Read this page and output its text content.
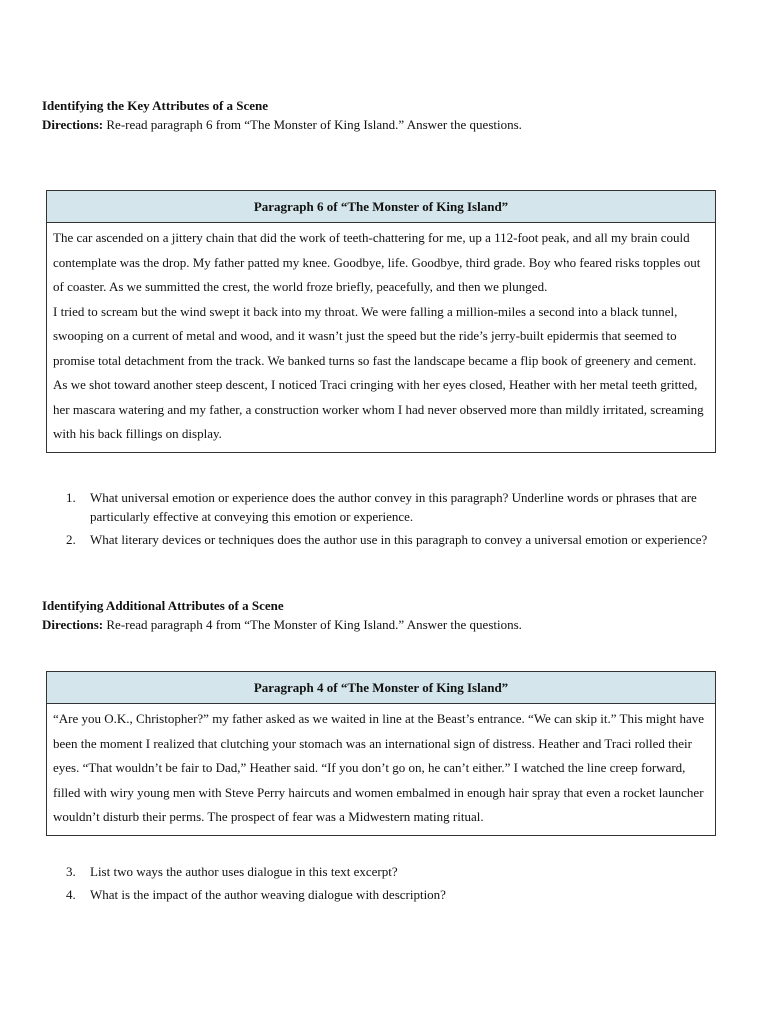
Identifying the Key Attributes of a Scene

Directions: Re-read paragraph 6 from “The Monster of King Island.” Answer the questions.

Paragraph 6 of “The Monster of King Island”

The car ascended on a jittery chain that did the work of teeth-chattering for me, up a 112-foot peak, and all my brain could contemplate was the drop. My father patted my knee. Goodbye, life. Goodbye, third grade. Boy who feared risks topples out of coaster. As we summitted the crest, the world froze briefly, peacefully, and then we plunged.

I tried to scream but the wind swept it back into my throat. We were falling a million-miles a second into a black tunnel, swooping on a current of metal and wood, and it wasn’t just the speed but the ride’s jerry-built epidermis that seemed to promise total detachment from the track. We banked turns so fast the landscape became a flip book of greenery and cement. As we shot toward another steep descent, I noticed Traci cringing with her eyes closed, Heather with her metal teeth gritted, her mascara watering and my father, a construction worker whom I had never observed more than mildly irritated, screaming with his back fillings on display.

1. What universal emotion or experience does the author convey in this paragraph? Underline words or phrases that are particularly effective at conveying this emotion or experience.
2. What literary devices or techniques does the author use in this paragraph to convey a universal emotion or experience?

Identifying Additional Attributes of a Scene

Directions: Re-read paragraph 4 from “The Monster of King Island.” Answer the questions.

Paragraph 4 of “The Monster of King Island”

“Are you O.K., Christopher?” my father asked as we waited in line at the Beast’s entrance. “We can skip it.” This might have been the moment I realized that clutching your stomach was an international sign of distress. Heather and Traci rolled their eyes. “That wouldn’t be fair to Dad,” Heather said. “If you don’t go on, he can’t either.” I watched the line creep forward, filled with wiry young men with Steve Perry haircuts and women embalmed in enough hair spray that even a rocket launcher wouldn’t disturb their perms. The prospect of fear was a Midwestern mating ritual.

3. List two ways the author uses dialogue in this text excerpt?
4. What is the impact of the author weaving dialogue with description?
